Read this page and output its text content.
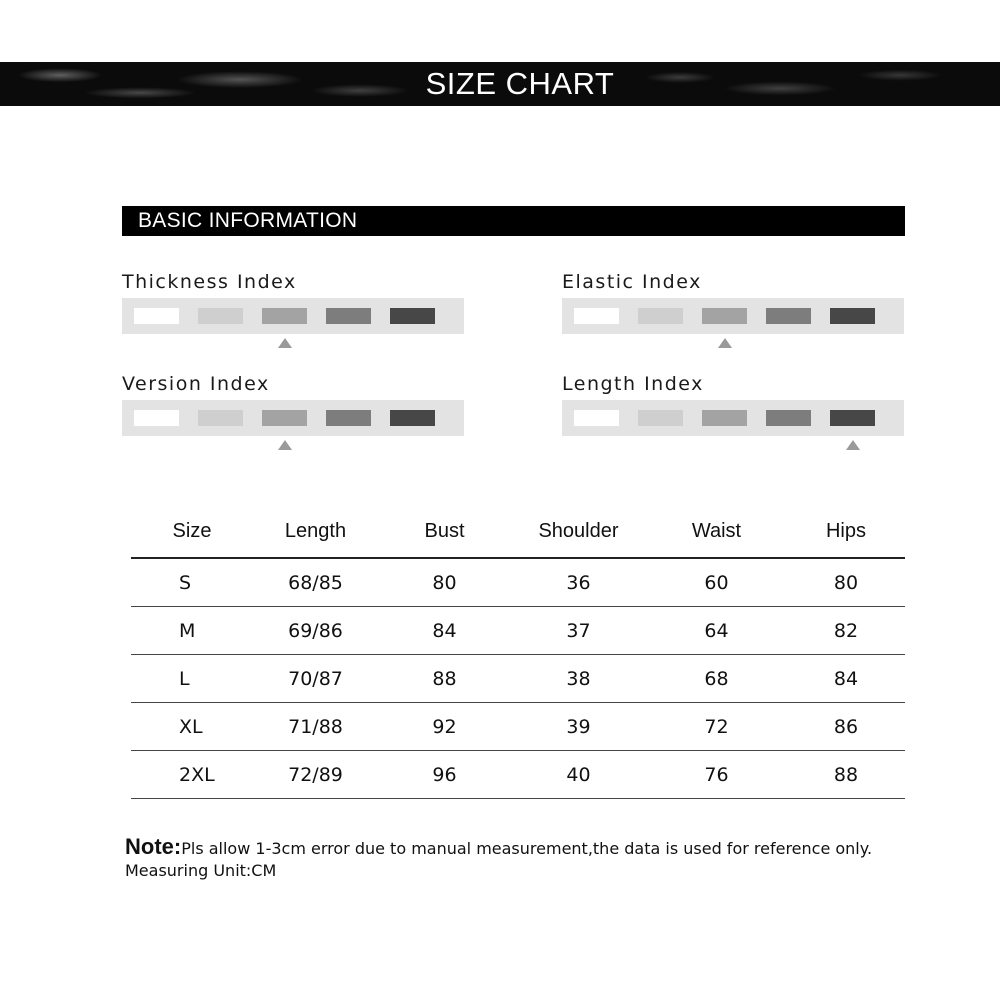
SIZE CHART
BASIC INFORMATION
Thickness Index	Elastic Index
Version Index	Length Index
Size	Length	Bust	Shoulder	Waist	Hips
S	68/85	80	36	60	80
M	69/86	84	37	64	82
L	70/87	88	38	68	84
XL	71/88	92	39	72	86
2XL	72/89	96	40	76	88
Note:Pls allow 1-3cm error due to manual measurement,the data is used for reference only.
Measuring Unit:CM
